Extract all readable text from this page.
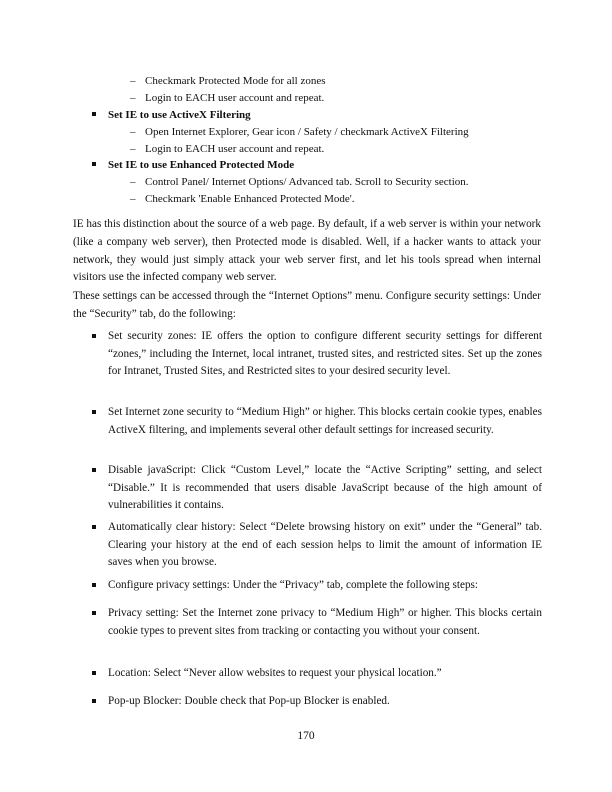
– Checkmark Protected Mode for all zones
– Login to EACH user account and repeat.
Set IE to use ActiveX Filtering
– Open Internet Explorer, Gear icon / Safety / checkmark ActiveX Filtering
– Login to EACH user account and repeat.
Set IE to use Enhanced Protected Mode
– Control Panel/ Internet Options/ Advanced tab. Scroll to Security section.
– Checkmark 'Enable Enhanced Protected Mode'.
IE has this distinction about the source of a web page. By default, if a web server is within your network (like a company web server), then Protected mode is disabled. Well, if a hacker wants to attack your network, they would just simply attack your web server first, and let his tools spread when internal visitors use the infected company web server.
These settings can be accessed through the “Internet Options” menu. Configure security settings: Under the “Security” tab, do the following:
Set security zones: IE offers the option to configure different security settings for different “zones,” including the Internet, local intranet, trusted sites, and restricted sites. Set up the zones for Intranet, Trusted Sites, and Restricted sites to your desired security level.
Set Internet zone security to “Medium High” or higher. This blocks certain cookie types, enables ActiveX filtering, and implements several other default settings for increased security.
Disable javaScript: Click “Custom Level,” locate the “Active Scripting” setting, and select “Disable.” It is recommended that users disable JavaScript because of the high amount of vulnerabilities it contains.
Automatically clear history: Select “Delete browsing history on exit” under the “General” tab. Clearing your history at the end of each session helps to limit the amount of information IE saves when you browse.
Configure privacy settings: Under the “Privacy” tab, complete the following steps:
Privacy setting: Set the Internet zone privacy to “Medium High” or higher. This blocks certain cookie types to prevent sites from tracking or contacting you without your consent.
Location: Select “Never allow websites to request your physical location.”
Pop-up Blocker: Double check that Pop-up Blocker is enabled.
170
